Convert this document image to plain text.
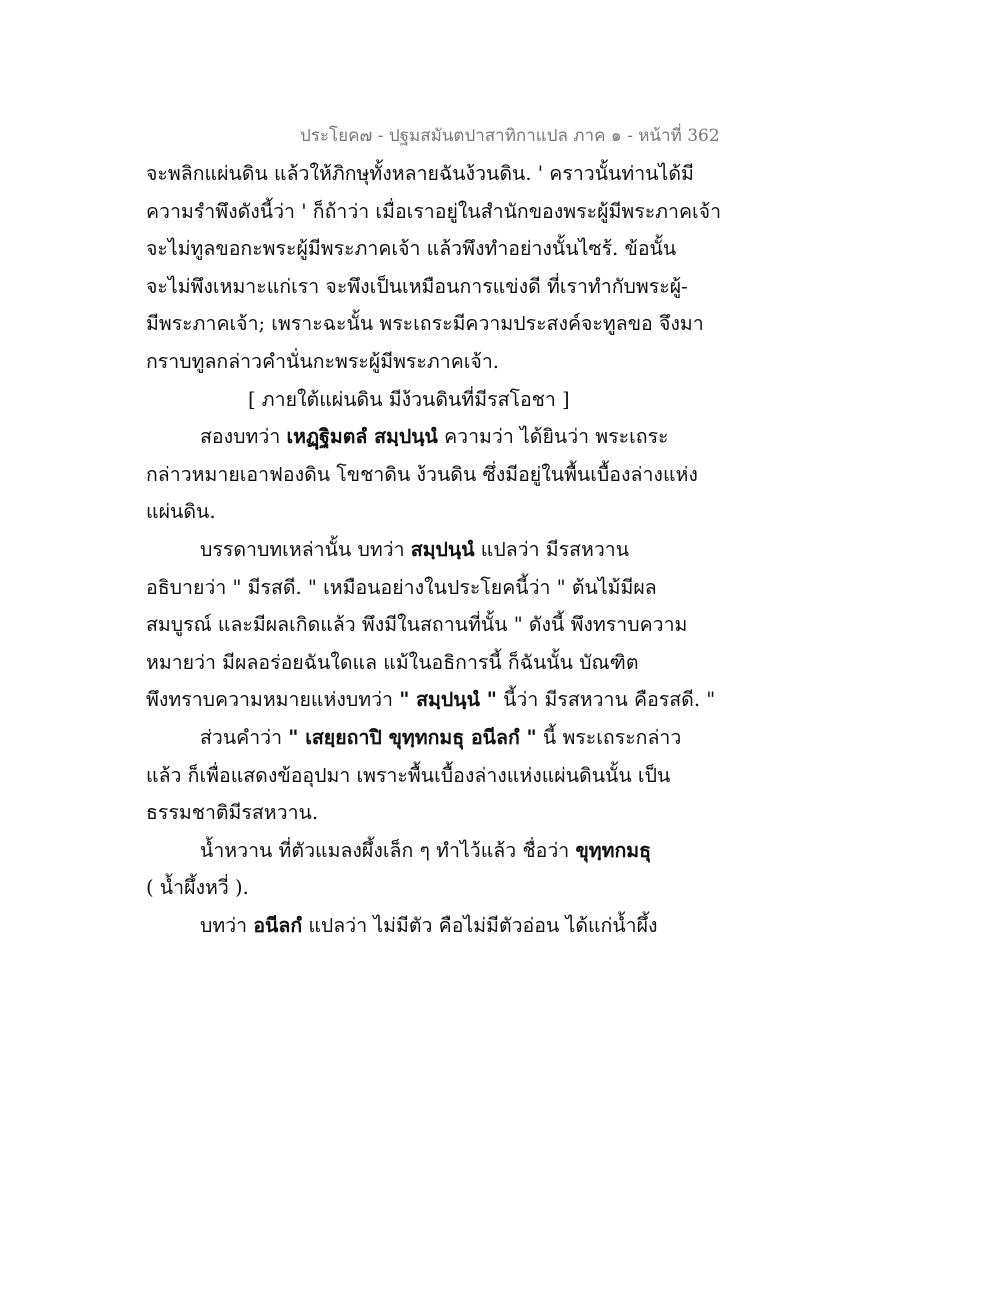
ประโยค๗ - ปฐมสมันตปาสาทิกาแปล ภาค ๑ - หน้าที่ 362
จะพลิกแผ่นดิน แล้วให้ภิกษุทั้งหลายฉันง้วนดิน. ' คราวนั้นท่านได้มี
ความรำพึงดังนี้ว่า ' ก็ถ้าว่า เมื่อเราอยู่ในสำนักของพระผู้มีพระภาคเจ้า
จะไม่ทูลขอกะพระผู้มีพระภาคเจ้า แล้วพึงทำอย่างนั้นไซร้. ข้อนั้น
จะไม่พึงเหมาะแก่เรา จะพึงเป็นเหมือนการแข่งดี ที่เราทำกับพระผู้-
มีพระภาคเจ้า; เพราะฉะนั้น พระเถระมีความประสงค์จะทูลขอ จึงมา
กราบทูลกล่าวคำนั่นกะพระผู้มีพระภาคเจ้า.
[ ภายใต้แผ่นดิน มีง้วนดินที่มีรสโอชา ]
สองบทว่า เหฏฺฐิมตลํ สมฺปนฺนํ ความว่า ได้ยินว่า พระเถระ
กล่าวหมายเอาฟองดิน โขชาดิน ง้วนดิน ซึ่งมีอยู่ในพื้นเบื้องล่างแห่ง
แผ่นดิน.
บรรดาบทเหล่านั้น บทว่า สมฺปนฺนํ แปลว่า มีรสหวาน
อธิบายว่า " มีรสดี. " เหมือนอย่างในประโยคนี้ว่า " ต้นไม้มีผล
สมบูรณ์ และมีผลเกิดแล้ว พึงมีในสถานที่นั้น " ดังนี้ พึงทราบความ
หมายว่า มีผลอร่อยฉันใดแล แม้ในอธิการนี้ ก็ฉันนั้น บัณฑิต
พึงทราบความหมายแห่งบทว่า " สมฺปนฺนํ " นี้ว่า มีรสหวาน คือรสดี. "
ส่วนคำว่า " เสยฺยถาปิ ขุทฺทกมธุ อนีลกํ " นี้ พระเถระกล่าว
แล้ว ก็เพื่อแสดงข้ออุปมา เพราะพื้นเบื้องล่างแห่งแผ่นดินนั้น เป็น
ธรรมชาติมีรสหวาน.
น้ำหวาน ที่ตัวแมลงผึ้งเล็ก ๆ ทำไว้แล้ว ชื่อว่า ขุทฺทกมธุ
( น้ำผึ้งหวี่ ).
บทว่า อนีลกํ แปลว่า ไม่มีตัว คือไม่มีตัวอ่อน ได้แก่น้ำผึ้ง
